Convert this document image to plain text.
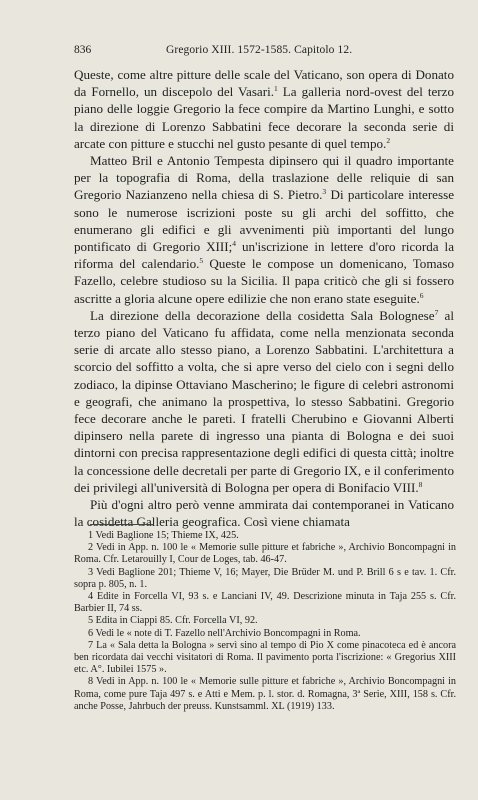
836	Gregorio XIII. 1572-1585. Capitolo 12.

Queste, come altre pitture delle scale del Vaticano, son opera di Donato da Fornello, un discepolo del Vasari.$^1$ La galleria nord-ovest del terzo piano delle loggie Gregorio la fece compire da Martino Lunghi, e sotto la direzione di Lorenzo Sabbatini fece decorare la seconda serie di arcate con pitture e stucchi nel gusto pesante di quel tempo.$^2$

Matteo Bril e Antonio Tempesta dipinsero qui il quadro importante per la topografia di Roma, della traslazione delle reliquie di san Gregorio Nazianzeno nella chiesa di S. Pietro.$^3$ Di particolare interesse sono le numerose iscrizioni poste su gli archi del soffitto, che enumerano gli edifici e gli avvenimenti più importanti del lungo pontificato di Gregorio XIII;$^4$ un'iscrizione in lettere d'oro ricorda la riforma del calendario.$^5$ Queste le compose un domenicano, Tomaso Fazello, celebre studioso su la Sicilia. Il papa criticò che gli si fossero ascritte a gloria alcune opere edilizie che non erano state eseguite.$^6$

La direzione della decorazione della cosidetta Sala Bolognese$^7$ al terzo piano del Vaticano fu affidata, come nella menzionata seconda serie di arcate allo stesso piano, a Lorenzo Sabbatini. L'architettura a scorcio del soffitto a volta, che si apre verso del cielo con i segni dello zodiaco, la dipinse Ottaviano Mascherino; le figure di celebri astronomi e geografi, che animano la prospettiva, lo stesso Sabbatini. Gregorio fece decorare anche le pareti. I fratelli Cherubino e Giovanni Alberti dipinsero nella parete di ingresso una pianta di Bologna e dei suoi dintorni con precisa rappresentazione degli edifici di questa città; inoltre la concessione delle decretali per parte di Gregorio IX, e il conferimento dei privilegi all'università di Bologna per opera di Bonifacio VIII.$^8$

Più d'ogni altro però venne ammirata dai contemporanei in Vaticano la cosidetta Galleria geografica. Così viene chiamata

1 Vedi Baglione 15; Thieme IX, 425.

2 Vedi in App. n. 100 le « Memorie sulle pitture et fabriche », Archivio Boncompagni in Roma. Cfr. Letarouilly I, Cour de Loges, tab. 46-47.

3 Vedi Baglione 201; Thieme V, 16; Mayer, Die Brüder M. und P. Brill 6 s e tav. 1. Cfr. sopra p. 805, n. 1.

4 Edite in Forcella VI, 93 s. e Lanciani IV, 49. Descrizione minuta in Taja 255 s. Cfr. Barbier II, 74 ss.

5 Edita in Ciappi 85. Cfr. Forcella VI, 92.

6 Vedi le « note di T. Fazello nell'Archivio Boncompagni in Roma.

7 La « Sala detta la Bologna » servì sino al tempo di Pio X come pinacoteca ed è ancora ben ricordata dai vecchi visitatori di Roma. Il pavimento porta l'iscrizione: « Gregorius XIII etc. A°. Iubilei 1575 ».

8 Vedi in App. n. 100 le « Memorie sulle pitture et fabriche », Archivio Boncompagni in Roma, come pure Taja 497 s. e Atti e Mem. p. l. stor. d. Romagna, 3ª Serie, XIII, 158 s. Cfr. anche Posse, Jahrbuch der preuss. Kunstsamml. XL (1919) 133.
